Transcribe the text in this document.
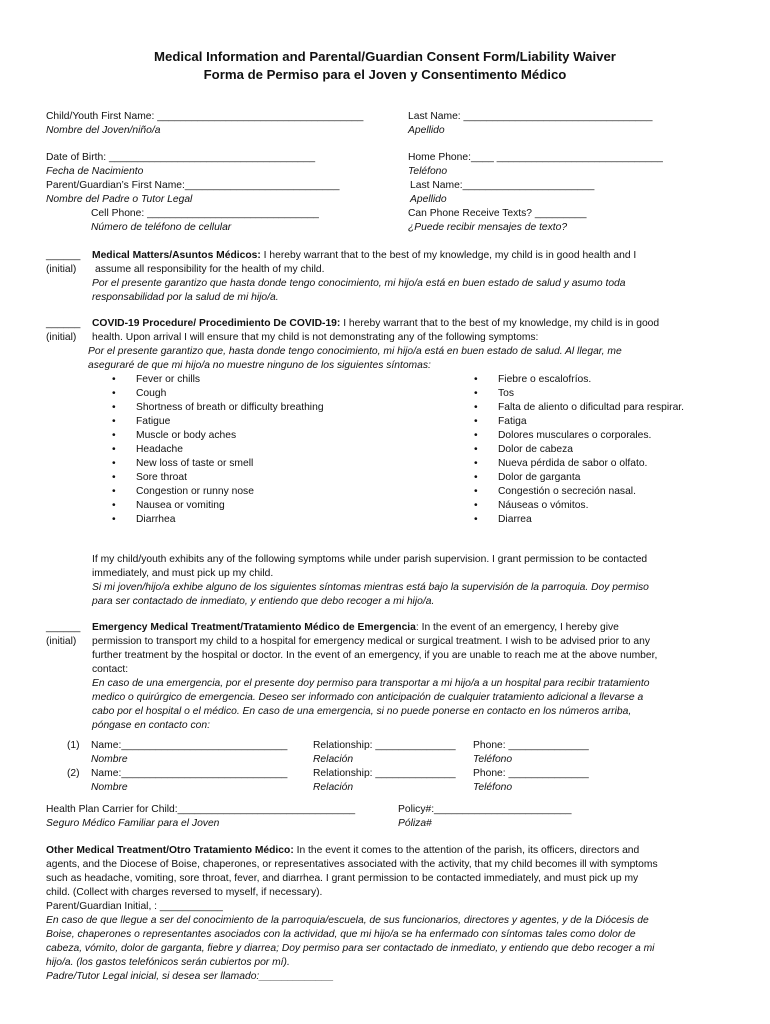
Medical Information and Parental/Guardian Consent Form/Liability Waiver
Forma de Permiso para el Joven y Consentimento Médico
Child/Youth First Name: ____________________________________
Nombre del Joven/niño/a
Last Name: _________________________________
Apellido
Date of Birth: ____________________________________
Fecha de Nacimiento
Home Phone:____ _____________________________
Teléfono
Parent/Guardian’s First Name:___________________________
Nombre del Padre o Tutor Legal
Last Name:_______________________
Apellido
Cell Phone: ______________________________
Número de teléfono de cellular
Can Phone Receive Texts? _________
¿Puede recibir mensajes de texto?
______
(initial)
Medical Matters/Asuntos Médicos: I hereby warrant that to the best of my knowledge, my child is in good health and I
assume all responsibility for the health of my child.
Por el presente garantizo que hasta donde tengo conocimiento, mi hijo/a está en buen estado de salud y asumo toda
responsabilidad por la salud de mi hijo/a.
______
(initial)
COVID-19 Procedure/ Procedimiento De COVID-19: I hereby warrant that to the best of my knowledge, my child is in good
health. Upon arrival I will ensure that my child is not demonstrating any of the following symptoms:
Por el presente garantizo que, hasta donde tengo conocimiento, mi hijo/a está en buen estado de salud. Al llegar, me
aseguraré de que mi hijo/a no muestre ninguno de los siguientes síntomas:
• Fever or chills
• Cough
• Shortness of breath or difficulty breathing
• Fatigue
• Muscle or body aches
• Headache
• New loss of taste or smell
• Sore throat
• Congestion or runny nose
• Nausea or vomiting
• Diarrhea
• Fiebre o escalofríos.
• Tos
• Falta de aliento o dificultad para respirar.
• Fatiga
• Dolores musculares o corporales.
• Dolor de cabeza
• Nueva pérdida de sabor o olfato.
• Dolor de garganta
• Congestión o secreción nasal.
• Náuseas o vómitos.
• Diarrea
If my child/youth exhibits any of the following symptoms while under parish supervision. I grant permission to be contacted
immediately, and must pick up my child.
Si mi joven/hijo/a exhibe alguno de los siguientes síntomas mientras está bajo la supervisión de la parroquia. Doy permiso
para ser contactado de inmediato, y entiendo que debo recoger a mi hijo/a.
______
(initial)
Emergency Medical Treatment/Tratamiento Médico de Emergencia: In the event of an emergency, I hereby give
permission to transport my child to a hospital for emergency medical or surgical treatment. I wish to be advised prior to any
further treatment by the hospital or doctor. In the event of an emergency, if you are unable to reach me at the above number,
contact:
En caso de una emergencia, por el presente doy permiso para transportar a mi hijo/a a un hospital para recibir tratamiento
medico o quirúrgico de emergencia. Deseo ser informado con anticipación de cualquier tratamiento adicional a llevarse a
cabo por el hospital o el médico. En caso de una emergencia, si no puede ponerse en contacto en los números arriba,
póngase en contacto con:
(1) Name:_____________________________
Nombre
Relationship: ______________
Relación
Phone: ______________
Teléfono
(2) Name:_____________________________
Nombre
Relationship: ______________
Relación
Phone: ______________
Teléfono
Health Plan Carrier for Child:_______________________________
Seguro Médico Familiar para el Joven
Policy#:________________________
Póliza#
Other Medical Treatment/Otro Tratamiento Médico: In the event it comes to the attention of the parish, its officers, directors and
agents, and the Diocese of Boise, chaperones, or representatives associated with the activity, that my child becomes ill with symptoms
such as headache, vomiting, sore throat, fever, and diarrhea. I grant permission to be contacted immediately, and must pick up my
child. (Collect with charges reversed to myself, if necessary).
Parent/Guardian Initial, : ___________
En caso de que llegue a ser del conocimiento de la parroquia/escuela, de sus funcionarios, directores y agentes, y de la Diócesis de
Boise, chaperones o representantes asociados con la actividad, que mi hijo/a se ha enfermado con síntomas tales como dolor de
cabeza, vómito, dolor de garganta, fiebre y diarrea; Doy permiso para ser contactado de inmediato, y entiendo que debo recoger a mi
hijo/a. (los gastos telefónicos serán cubiertos por mí).
Padre/Tutor Legal inicial, si desea ser llamado:_____________
